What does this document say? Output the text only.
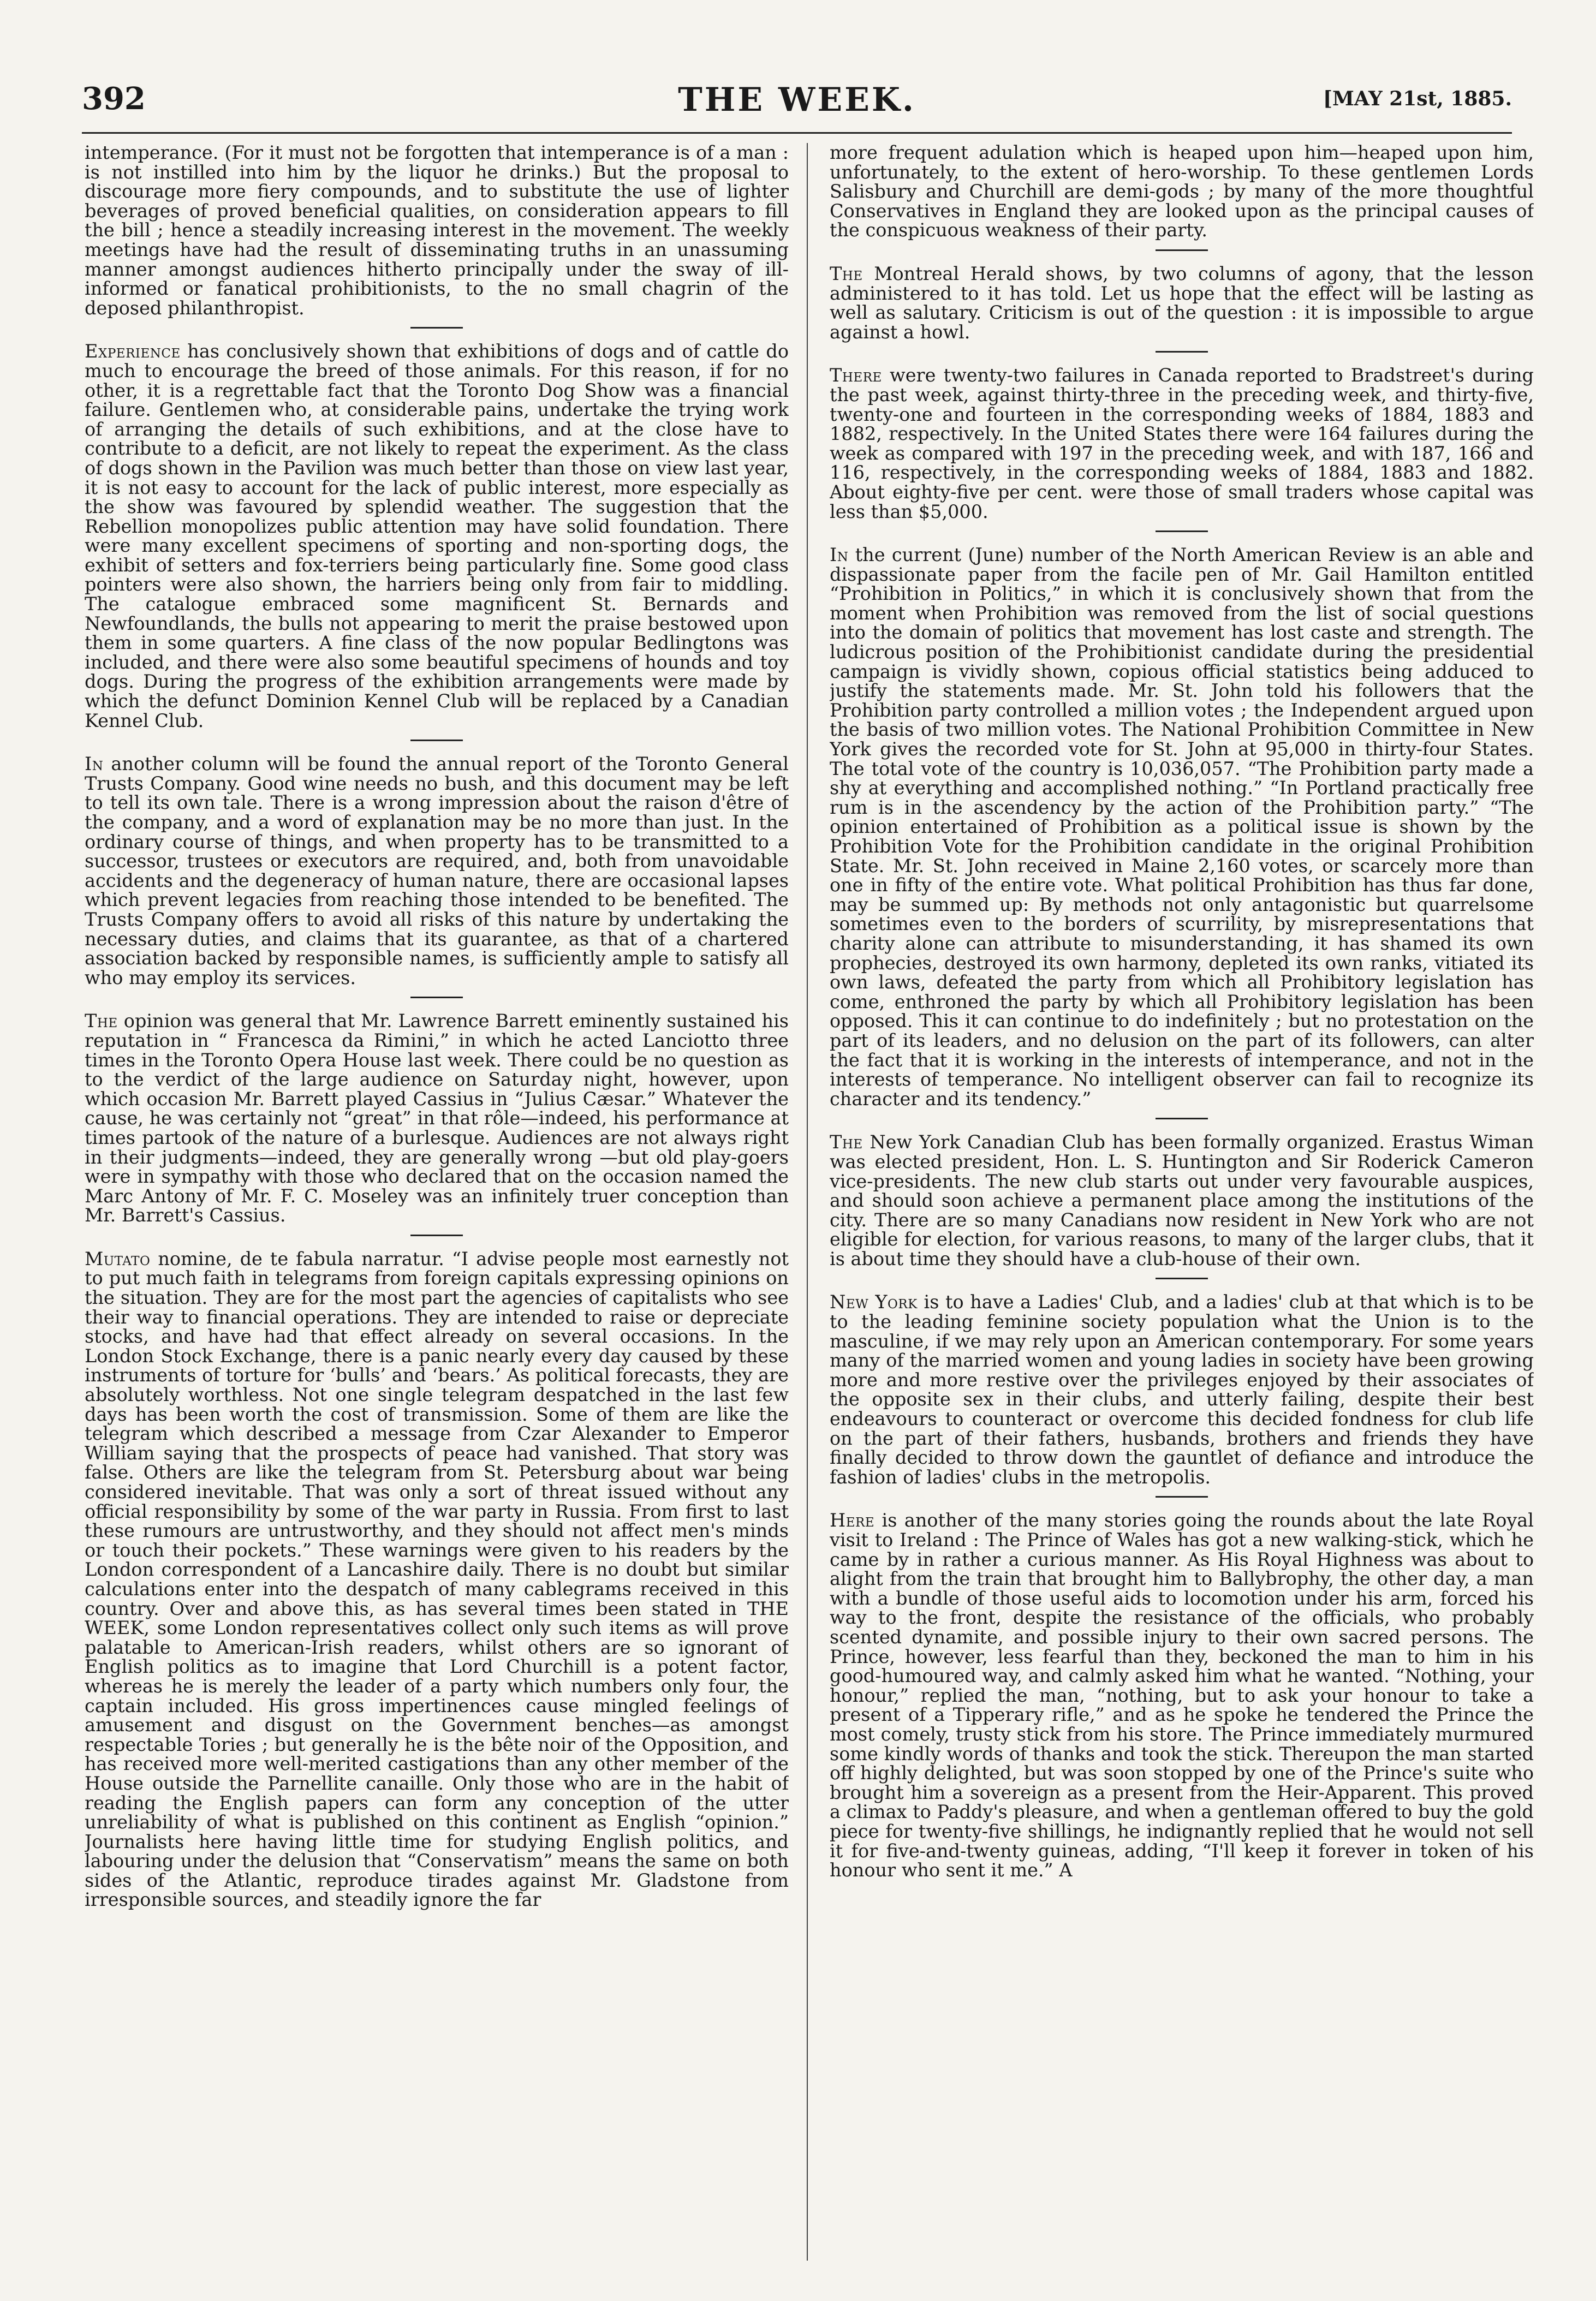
392	THE WEEK.	[MAY 21st, 1885.

intemperance. (For it must not be forgotten that intemperance is of a man : is not instilled into him by the liquor he drinks.) But the proposal to discourage more fiery compounds, and to substitute the use of lighter beverages of proved beneficial qualities, on consideration appears to fill the bill ; hence a steadily increasing interest in the movement. The weekly meetings have had the result of disseminating truths in an unassuming manner amongst audiences hitherto principally under the sway of ill-informed or fanatical prohibitionists, to the no small chagrin of the deposed philanthropist.

Experience has conclusively shown that exhibitions of dogs and of cattle do much to encourage the breed of those animals. For this reason, if for no other, it is a regrettable fact that the Toronto Dog Show was a financial failure. Gentlemen who, at considerable pains, undertake the trying work of arranging the details of such exhibitions, and at the close have to contribute to a deficit, are not likely to repeat the experiment. As the class of dogs shown in the Pavilion was much better than those on view last year, it is not easy to account for the lack of public interest, more especially as the show was favoured by splendid weather. The suggestion that the Rebellion monopolizes public attention may have solid foundation. There were many excellent specimens of sporting and non-sporting dogs, the exhibit of setters and fox-terriers being particularly fine. Some good class pointers were also shown, the harriers being only from fair to middling. The catalogue embraced some magnificent St. Bernards and Newfoundlands, the bulls not appearing to merit the praise bestowed upon them in some quarters. A fine class of the now popular Bedlingtons was included, and there were also some beautiful specimens of hounds and toy dogs. During the progress of the exhibition arrangements were made by which the defunct Dominion Kennel Club will be replaced by a Canadian Kennel Club.

In another column will be found the annual report of the Toronto General Trusts Company. Good wine needs no bush, and this document may be left to tell its own tale. There is a wrong impression about the raison d'être of the company, and a word of explanation may be no more than just. In the ordinary course of things, and when property has to be transmitted to a successor, trustees or executors are required, and, both from unavoidable accidents and the degeneracy of human nature, there are occasional lapses which prevent legacies from reaching those intended to be benefited. The Trusts Company offers to avoid all risks of this nature by undertaking the necessary duties, and claims that its guarantee, as that of a chartered association backed by responsible names, is sufficiently ample to satisfy all who may employ its services.

The opinion was general that Mr. Lawrence Barrett eminently sustained his reputation in “ Francesca da Rimini,” in which he acted Lanciotto three times in the Toronto Opera House last week. There could be no question as to the verdict of the large audience on Saturday night, however, upon which occasion Mr. Barrett played Cassius in “Julius Cæsar.” Whatever the cause, he was certainly not “great” in that rôle—indeed, his performance at times partook of the nature of a burlesque. Audiences are not always right in their judgments—indeed, they are generally wrong —but old play-goers were in sympathy with those who declared that on the occasion named the Marc Antony of Mr. F. C. Moseley was an infinitely truer conception than Mr. Barrett's Cassius.

Mutato nomine, de te fabula narratur. “I advise people most earnestly not to put much faith in telegrams from foreign capitals expressing opinions on the situation. They are for the most part the agencies of capitalists who see their way to financial operations. They are intended to raise or depreciate stocks, and have had that effect already on several occasions. In the London Stock Exchange, there is a panic nearly every day caused by these instruments of torture for ‘bulls’ and ‘bears.’ As political forecasts, they are absolutely worthless. Not one single telegram despatched in the last few days has been worth the cost of transmission. Some of them are like the telegram which described a message from Czar Alexander to Emperor William saying that the prospects of peace had vanished. That story was false. Others are like the telegram from St. Petersburg about war being considered inevitable. That was only a sort of threat issued without any official responsibility by some of the war party in Russia. From first to last these rumours are untrustworthy, and they should not affect men's minds or touch their pockets.” These warnings were given to his readers by the London correspondent of a Lancashire daily. There is no doubt but similar calculations enter into the despatch of many cablegrams received in this country. Over and above this, as has several times been stated in THE WEEK, some London representatives collect only such items as will prove palatable to American-Irish readers, whilst others are so ignorant of English politics as to imagine that Lord Churchill is a potent factor, whereas he is merely the leader of a party which numbers only four, the captain included. His gross impertinences cause mingled feelings of amusement and disgust on the Government benches—as amongst respectable Tories ; but generally he is the bête noir of the Opposition, and has received more well-merited castigations than any other member of the House outside the Parnellite canaille. Only those who are in the habit of reading the English papers can form any conception of the utter unreliability of what is published on this continent as English “opinion.” Journalists here having little time for studying English politics, and labouring under the delusion that “Conservatism” means the same on both sides of the Atlantic, reproduce tirades against Mr. Gladstone from irresponsible sources, and steadily ignore the far

more frequent adulation which is heaped upon him—heaped upon him, unfortunately, to the extent of hero-worship. To these gentlemen Lords Salisbury and Churchill are demi-gods ; by many of the more thoughtful Conservatives in England they are looked upon as the principal causes of the conspicuous weakness of their party.

The Montreal Herald shows, by two columns of agony, that the lesson administered to it has told. Let us hope that the effect will be lasting as well as salutary. Criticism is out of the question : it is impossible to argue against a howl.

There were twenty-two failures in Canada reported to Bradstreet's during the past week, against thirty-three in the preceding week, and thirty-five, twenty-one and fourteen in the corresponding weeks of 1884, 1883 and 1882, respectively. In the United States there were 164 failures during the week as compared with 197 in the preceding week, and with 187, 166 and 116, respectively, in the corresponding weeks of 1884, 1883 and 1882. About eighty-five per cent. were those of small traders whose capital was less than $5,000.

In the current (June) number of the North American Review is an able and dispassionate paper from the facile pen of Mr. Gail Hamilton entitled “Prohibition in Politics,” in which it is conclusively shown that from the moment when Prohibition was removed from the list of social questions into the domain of politics that movement has lost caste and strength. The ludicrous position of the Prohibitionist candidate during the presidential campaign is vividly shown, copious official statistics being adduced to justify the statements made. Mr. St. John told his followers that the Prohibition party controlled a million votes ; the Independent argued upon the basis of two million votes. The National Prohibition Committee in New York gives the recorded vote for St. John at 95,000 in thirty-four States. The total vote of the country is 10,036,057. “The Prohibition party made a shy at everything and accomplished nothing.” “In Portland practically free rum is in the ascendency by the action of the Prohibition party.” “The opinion entertained of Prohibition as a political issue is shown by the Prohibition Vote for the Prohibition candidate in the original Prohibition State. Mr. St. John received in Maine 2,160 votes, or scarcely more than one in fifty of the entire vote. What political Prohibition has thus far done, may be summed up: By methods not only antagonistic but quarrelsome sometimes even to the borders of scurrility, by misrepresentations that charity alone can attribute to misunderstanding, it has shamed its own prophecies, destroyed its own harmony, depleted its own ranks, vitiated its own laws, defeated the party from which all Prohibitory legislation has come, enthroned the party by which all Prohibitory legislation has been opposed. This it can continue to do indefinitely ; but no protestation on the part of its leaders, and no delusion on the part of its followers, can alter the fact that it is working in the interests of intemperance, and not in the interests of temperance. No intelligent observer can fail to recognize its character and its tendency.”

The New York Canadian Club has been formally organized. Erastus Wiman was elected president, Hon. L. S. Huntington and Sir Roderick Cameron vice-presidents. The new club starts out under very favourable auspices, and should soon achieve a permanent place among the institutions of the city. There are so many Canadians now resident in New York who are not eligible for election, for various reasons, to many of the larger clubs, that it is about time they should have a club-house of their own.

New York is to have a Ladies' Club, and a ladies' club at that which is to be to the leading feminine society population what the Union is to the masculine, if we may rely upon an American contemporary. For some years many of the married women and young ladies in society have been growing more and more restive over the privileges enjoyed by their associates of the opposite sex in their clubs, and utterly failing, despite their best endeavours to counteract or overcome this decided fondness for club life on the part of their fathers, husbands, brothers and friends they have finally decided to throw down the gauntlet of defiance and introduce the fashion of ladies' clubs in the metropolis.

Here is another of the many stories going the rounds about the late Royal visit to Ireland : The Prince of Wales has got a new walking-stick, which he came by in rather a curious manner. As His Royal Highness was about to alight from the train that brought him to Ballybrophy, the other day, a man with a bundle of those useful aids to locomotion under his arm, forced his way to the front, despite the resistance of the officials, who probably scented dynamite, and possible injury to their own sacred persons. The Prince, however, less fearful than they, beckoned the man to him in his good-humoured way, and calmly asked him what he wanted. “Nothing, your honour,” replied the man, “nothing, but to ask your honour to take a present of a Tipperary rifle,” and as he spoke he tendered the Prince the most comely, trusty stick from his store. The Prince immediately murmured some kindly words of thanks and took the stick. Thereupon the man started off highly delighted, but was soon stopped by one of the Prince's suite who brought him a sovereign as a present from the Heir-Apparent. This proved a climax to Paddy's pleasure, and when a gentleman offered to buy the gold piece for twenty-five shillings, he indignantly replied that he would not sell it for five-and-twenty guineas, adding, “I'll keep it forever in token of his honour who sent it me.” A
